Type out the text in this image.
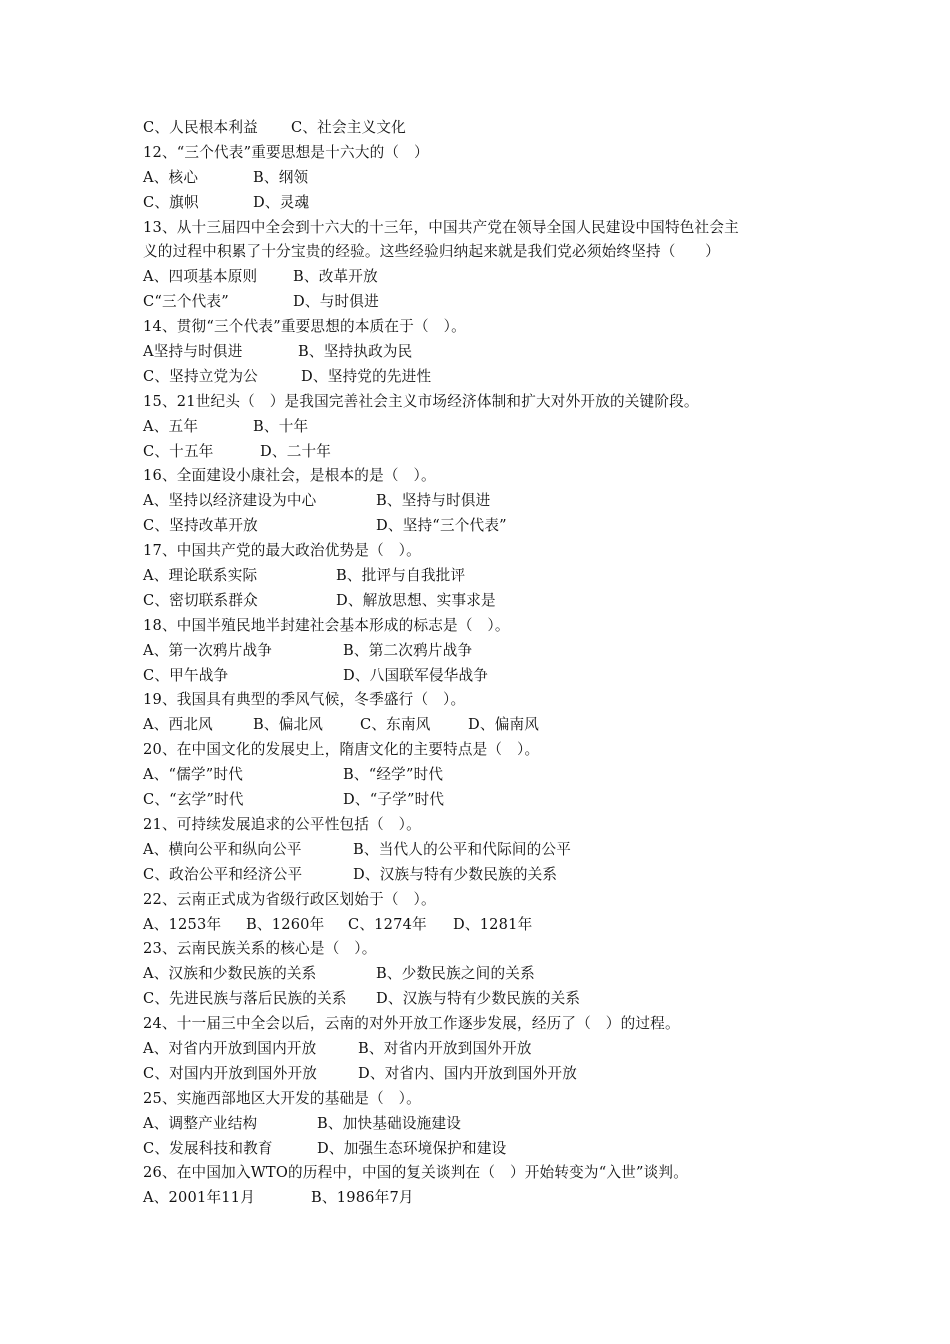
C、人民根本利益 C、社会主义文化
12、“三个代表”重要思想是十六大的（　）
A、核心	B、纲领
C、旗帜	D、灵魂
13、从十三届四中全会到十六大的十三年，中国共产党在领导全国人民建设中国特色社会主
义的过程中积累了十分宝贵的经验。这些经验归纳起来就是我们党必须始终坚持（　　）
A、四项基本原则 B、改革开放
C“三个代表”	D、与时俱进
14、贯彻“三个代表”重要思想的本质在于（　）。
A坚持与时俱进	B、坚持执政为民
C、坚持立党为公	D、坚持党的先进性
15、21世纪头（　）是我国完善社会主义市场经济体制和扩大对外开放的关键阶段。
A、五年	B、十年
C、十五年	D、二十年
16、全面建设小康社会，是根本的是（　）。
A、坚持以经济建设为中心	B、坚持与时俱进
C、坚持改革开放	D、坚持“三个代表”
17、中国共产党的最大政治优势是（　）。
A、理论联系实际	B、批评与自我批评
C、密切联系群众	D、解放思想、实事求是
18、中国半殖民地半封建社会基本形成的标志是（　）。
A、第一次鸦片战争	B、第二次鸦片战争
C、甲午战争	D、八国联军侵华战争
19、我国具有典型的季风气候，冬季盛行（　）。
A、西北风	B、偏北风	C、东南风	D、偏南风
20、在中国文化的发展史上，隋唐文化的主要特点是（　）。
A、“儒学”时代	B、“经学”时代
C、“玄学”时代	D、“子学”时代
21、可持续发展追求的公平性包括（　）。
A、横向公平和纵向公平	B、当代人的公平和代际间的公平
C、政治公平和经济公平	D、汉族与特有少数民族的关系
22、云南正式成为省级行政区划始于（　）。
A、1253年 B、1260年 C、1274年 D、1281年
23、云南民族关系的核心是（　）。
A、汉族和少数民族的关系	B、少数民族之间的关系
C、先进民族与落后民族的关系 D、汉族与特有少数民族的关系
24、十一届三中全会以后，云南的对外开放工作逐步发展，经历了（　）的过程。
A、对省内开放到国内开放	B、对省内开放到国外开放
C、对国内开放到国外开放	D、对省内、国内开放到国外开放
25、实施西部地区大开发的基础是（　）。
A、调整产业结构	B、加快基础设施建设
C、发展科技和教育	D、加强生态环境保护和建设
26、在中国加入WTO的历程中，中国的复关谈判在（　）开始转变为“入世”谈判。
A、2001年11月	B、1986年7月
